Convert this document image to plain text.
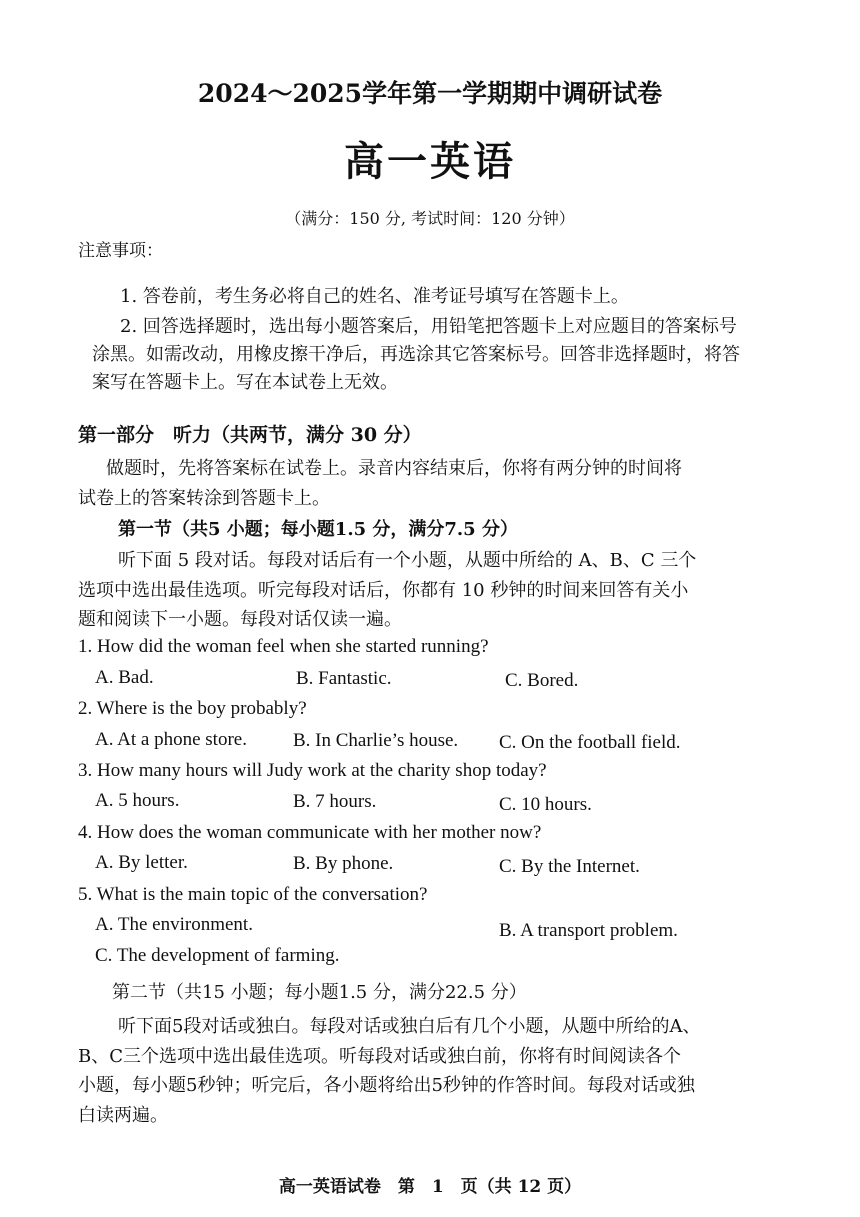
2024～2025学年第一学期期中调研试卷
高一英语
（满分：150 分, 考试时间：120 分钟）
注意事项：
1. 答卷前，考生务必将自己的姓名、准考证号填写在答题卡上。
2. 回答选择题时，选出每小题答案后，用铅笔把答题卡上对应题目的答案标号
涂黑。如需改动，用橡皮擦干净后，再选涂其它答案标号。回答非选择题时，将答
案写在答题卡上。写在本试卷上无效。
第一部分　听力（共两节，满分 30 分）
做题时，先将答案标在试卷上。录音内容结束后，你将有两分钟的时间将
试卷上的答案转涂到答题卡上。
第一节（共5 小题；每小题1.5 分，满分7.5 分）
听下面 5 段对话。每段对话后有一个小题，从题中所给的 A、B、C 三个
选项中选出最佳选项。听完每段对话后，你都有 10 秒钟的时间来回答有关小
题和阅读下一小题。每段对话仅读一遍。
1. How did the woman feel when she started running?
A. Bad.	B. Fantastic.	C. Bored.
2. Where is the boy probably?
A. At a phone store. B. In Charlie’s house. C. On the football field.
3. How many hours will Judy work at the charity shop today?
A. 5 hours.	B. 7 hours.	C. 10 hours.
4. How does the woman communicate with her mother now?
A. By letter.	B. By phone.	C. By the Internet.
5. What is the main topic of the conversation?
A. The environment.	B. A transport problem.
C. The development of farming.
第二节（共15 小题；每小题1.5 分，满分22.5 分）
听下面5段对话或独白。每段对话或独白后有几个小题，从题中所给的A、
B、C三个选项中选出最佳选项。听每段对话或独白前，你将有时间阅读各个
小题，每小题5秒钟；听完后，各小题将给出5秒钟的作答时间。每段对话或独
白读两遍。
高一英语试卷　第　1　页（共 12 页）
